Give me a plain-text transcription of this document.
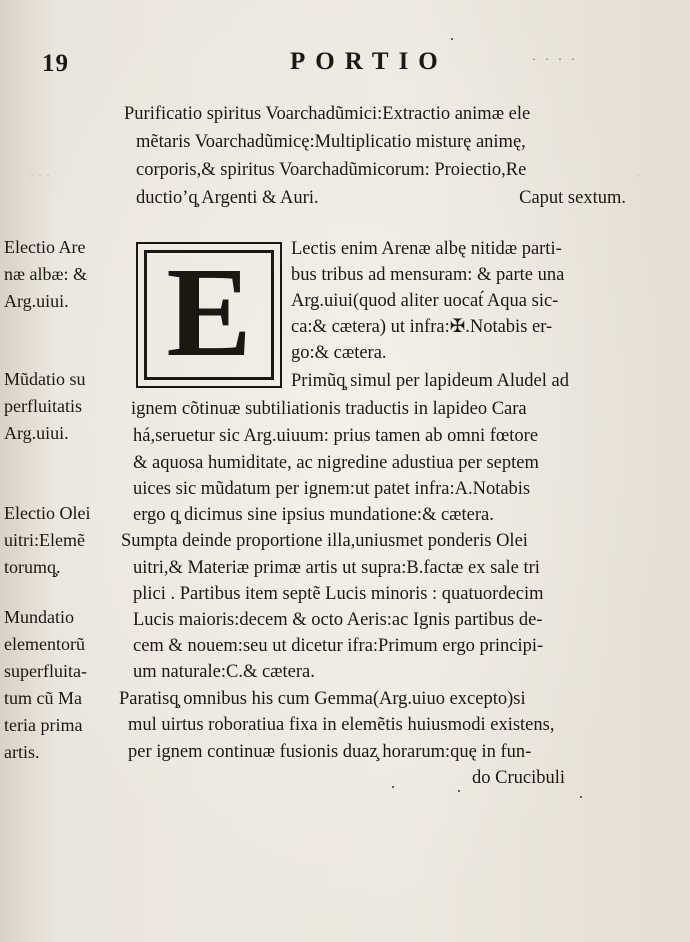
19	PORTIO	· · · ·
Purificatio spiritus Voarchadũmici:Extractio animæ ele
mẽtaris Voarchadũmicę:Multiplicatio misturę animę,
corporis,& spiritus Voarchadũmicorum: Proiectio,Re
ductio’q̧ Argenti & Auri.	Caput sextum.
· · ·	·
E Lectis enim Arenæ albę nitidæ parti-
bus tribus ad mensuram: & parte una
Arg.uiui(quod aliter uocat́ Aqua sic-
ca:& cætera) ut infra:✠.Notabis er-
go:& cætera.
Primũq̧ simul per lapideum Aludel ad
ignem cõtinuæ subtiliationis traductis in lapideo Cara
há,seruetur sic Arg.uiuum: prius tamen ab omni fœtore
& aquosa humiditate, ac nigredine adustiua per septem
uices sic mũdatum per ignem:ut patet infra:A.Notabis
ergo q̧ dicimus sine ipsius mundatione:& cætera.
Sumpta deinde proportione illa,uniusmet ponderis Olei
uitri,& Materiæ primæ artis ut supra:B.factæ ex sale tri
plici . Partibus item septẽ Lucis minoris : quatuordecim
Lucis maioris:decem & octo Aeris:ac Ignis partibus de-
cem & nouem:seu ut dicetur ifra:Primum ergo principi-
um naturale:C.& cætera.
Paratisq̧ omnibus his cum Gemma(Arg.uiuo excepto)si
mul uirtus roboratiua fixa in elemẽtis huiusmodi existens,
per ignem continuæ fusionis duaz̧ horarum:quę in fun-
do Crucibuli
Electio Are
næ albæ: &
Arg.uiui.
Mũdatio su
perfluitatis
Arg.uiui.
Electio Olei
uitri:Elemẽ
torumq̧.
Mundatio
elementorũ
superfluita-
tum cũ Ma
teria prima
artis.
